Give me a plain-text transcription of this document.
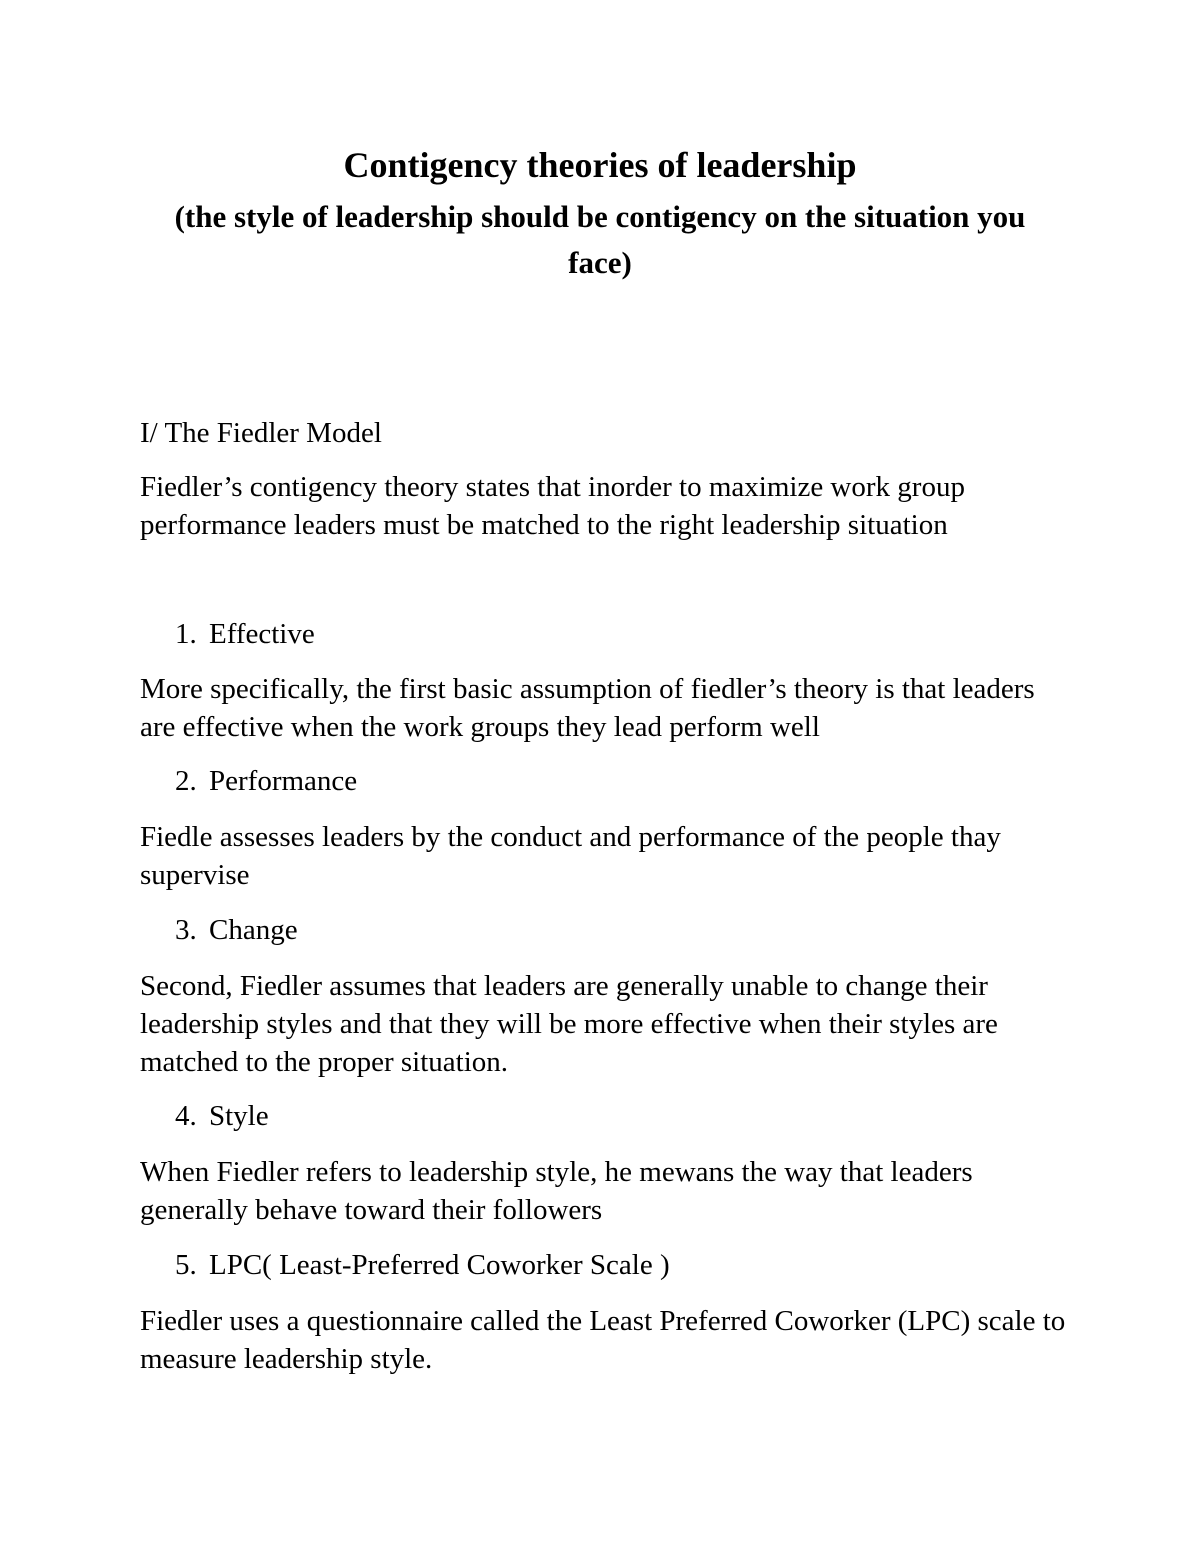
Contigency theories of leadership
(the style of leadership should be contigency on the situation you face)

I/ The Fiedler Model

Fiedler’s contigency theory states that inorder to maximize work group performance leaders must be matched to the right leadership situation

1. Effective

More specifically, the first basic assumption of fiedler’s theory is that leaders are effective when the work groups they lead perform well

2. Performance

Fiedle assesses leaders by the conduct and performance of the people thay supervise

3. Change

Second, Fiedler assumes that leaders are generally unable to change their leadership styles and that they will be more effective when their styles are matched to the proper situation.

4. Style

When Fiedler refers to leadership style, he mewans the way that leaders generally behave toward their followers

5. LPC( Least-Preferred Coworker Scale )

Fiedler uses a questionnaire called the Least Preferred Coworker (LPC) scale to measure leadership style.
